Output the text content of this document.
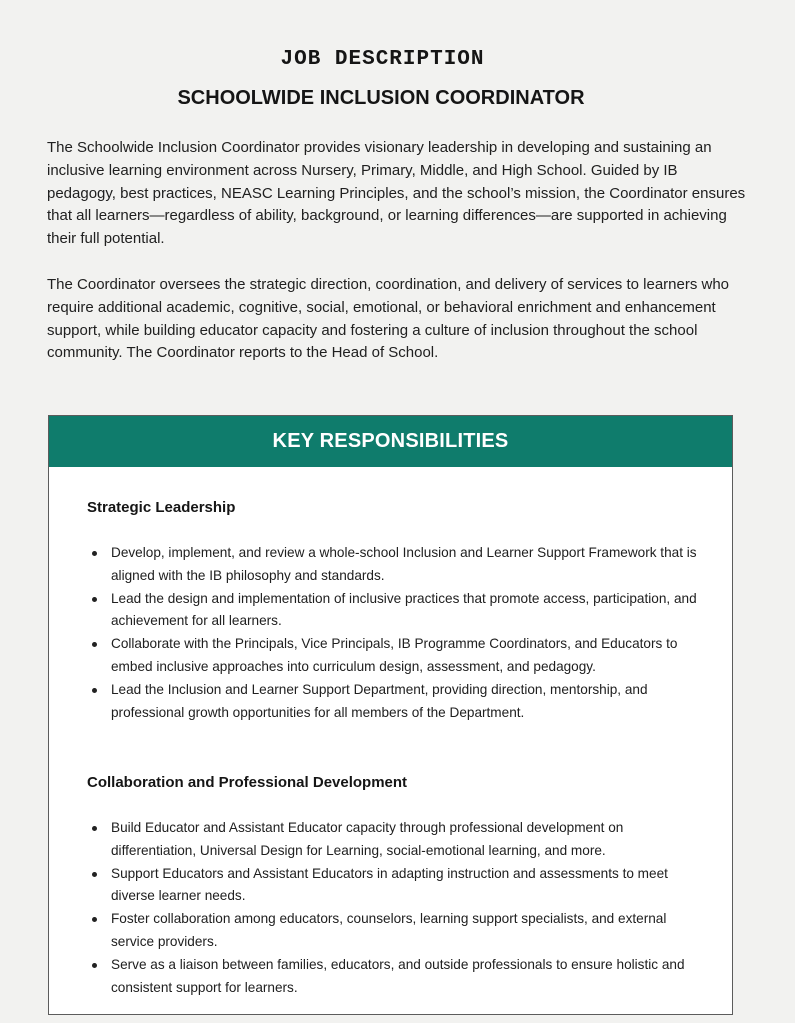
JOB DESCRIPTION
SCHOOLWIDE INCLUSION COORDINATOR

The Schoolwide Inclusion Coordinator provides visionary leadership in developing and sustaining an inclusive learning environment across Nursery, Primary, Middle, and High School. Guided by IB pedagogy, best practices, NEASC Learning Principles, and the school’s mission, the Coordinator ensures that all learners—regardless of ability, background, or learning differences—are supported in achieving their full potential.

The Coordinator oversees the strategic direction, coordination, and delivery of services to learners who require additional academic, cognitive, social, emotional, or behavioral enrichment and enhancement support, while building educator capacity and fostering a culture of inclusion throughout the school community. The Coordinator reports to the Head of School.

KEY RESPONSIBILITIES
Strategic Leadership
Develop, implement, and review a whole-school Inclusion and Learner Support Framework that is aligned with the IB philosophy and standards.
Lead the design and implementation of inclusive practices that promote access, participation, and achievement for all learners.
Collaborate with the Principals, Vice Principals, IB Programme Coordinators, and Educators to embed inclusive approaches into curriculum design, assessment, and pedagogy.
Lead the Inclusion and Learner Support Department, providing direction, mentorship, and professional growth opportunities for all members of the Department.
Collaboration and Professional Development
Build Educator and Assistant Educator capacity through professional development on differentiation, Universal Design for Learning, social-emotional learning, and more.
Support Educators and Assistant Educators in adapting instruction and assessments to meet diverse learner needs.
Foster collaboration among educators, counselors, learning support specialists, and external service providers.
Serve as a liaison between families, educators, and outside professionals to ensure holistic and consistent support for learners.
